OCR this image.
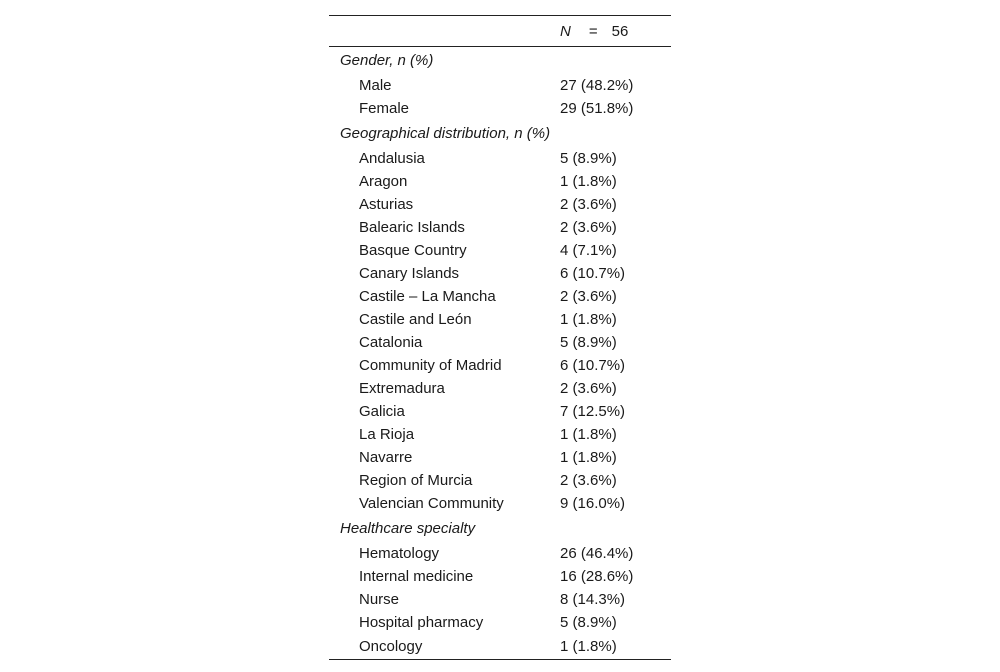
	N = 56
Gender, n (%)	
Male	27 (48.2%)
Female	29 (51.8%)
Geographical distribution, n (%)	
Andalusia	5 (8.9%)
Aragon	1 (1.8%)
Asturias	2 (3.6%)
Balearic Islands	2 (3.6%)
Basque Country	4 (7.1%)
Canary Islands	6 (10.7%)
Castile – La Mancha	2 (3.6%)
Castile and León	1 (1.8%)
Catalonia	5 (8.9%)
Community of Madrid	6 (10.7%)
Extremadura	2 (3.6%)
Galicia	7 (12.5%)
La Rioja	1 (1.8%)
Navarre	1 (1.8%)
Region of Murcia	2 (3.6%)
Valencian Community	9 (16.0%)
Healthcare specialty	
Hematology	26 (46.4%)
Internal medicine	16 (28.6%)
Nurse	8 (14.3%)
Hospital pharmacy	5 (8.9%)
Oncology	1 (1.8%)
